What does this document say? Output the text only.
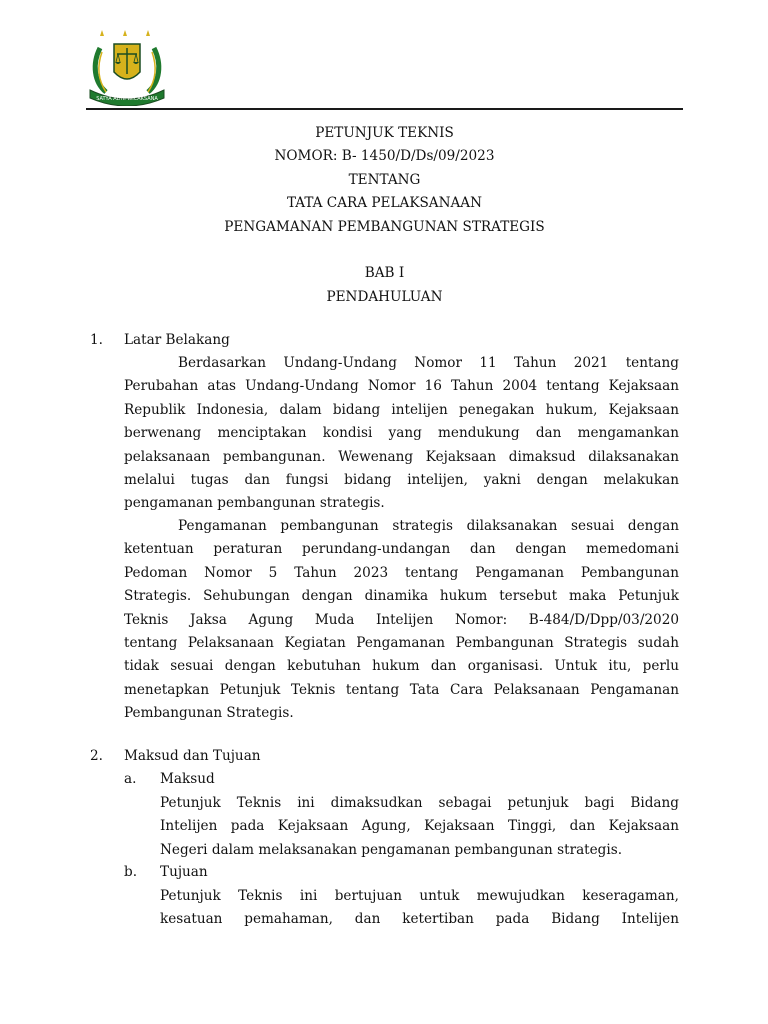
SATYA ADHI WICAKSANA
PETUNJUK TEKNIS
NOMOR: B- 1450/D/Ds/09/2023
TENTANG
TATA CARA PELAKSANAAN
PENGAMANAN PEMBANGUNAN STRATEGIS
BAB I
PENDAHULUAN
1. Latar Belakang
Berdasarkan Undang-Undang Nomor 11 Tahun 2021 tentang
Perubahan atas Undang-Undang Nomor 16 Tahun 2004 tentang Kejaksaan
Republik Indonesia, dalam bidang intelijen penegakan hukum, Kejaksaan
berwenang menciptakan kondisi yang mendukung dan mengamankan
pelaksanaan pembangunan. Wewenang Kejaksaan dimaksud dilaksanakan
melalui tugas dan fungsi bidang intelijen, yakni dengan melakukan
pengamanan pembangunan strategis.
Pengamanan pembangunan strategis dilaksanakan sesuai dengan
ketentuan peraturan perundang-undangan dan dengan memedomani
Pedoman Nomor 5 Tahun 2023 tentang Pengamanan Pembangunan
Strategis. Sehubungan dengan dinamika hukum tersebut maka Petunjuk
Teknis Jaksa Agung Muda Intelijen Nomor: B-484/D/Dpp/03/2020
tentang Pelaksanaan Kegiatan Pengamanan Pembangunan Strategis sudah
tidak sesuai dengan kebutuhan hukum dan organisasi. Untuk itu, perlu
menetapkan Petunjuk Teknis tentang Tata Cara Pelaksanaan Pengamanan
Pembangunan Strategis.
2. Maksud dan Tujuan
a. Maksud
Petunjuk Teknis ini dimaksudkan sebagai petunjuk bagi Bidang
Intelijen pada Kejaksaan Agung, Kejaksaan Tinggi, dan Kejaksaan
Negeri dalam melaksanakan pengamanan pembangunan strategis.
b. Tujuan
Petunjuk Teknis ini bertujuan untuk mewujudkan keseragaman,
kesatuan pemahaman, dan ketertiban pada Bidang Intelijen
